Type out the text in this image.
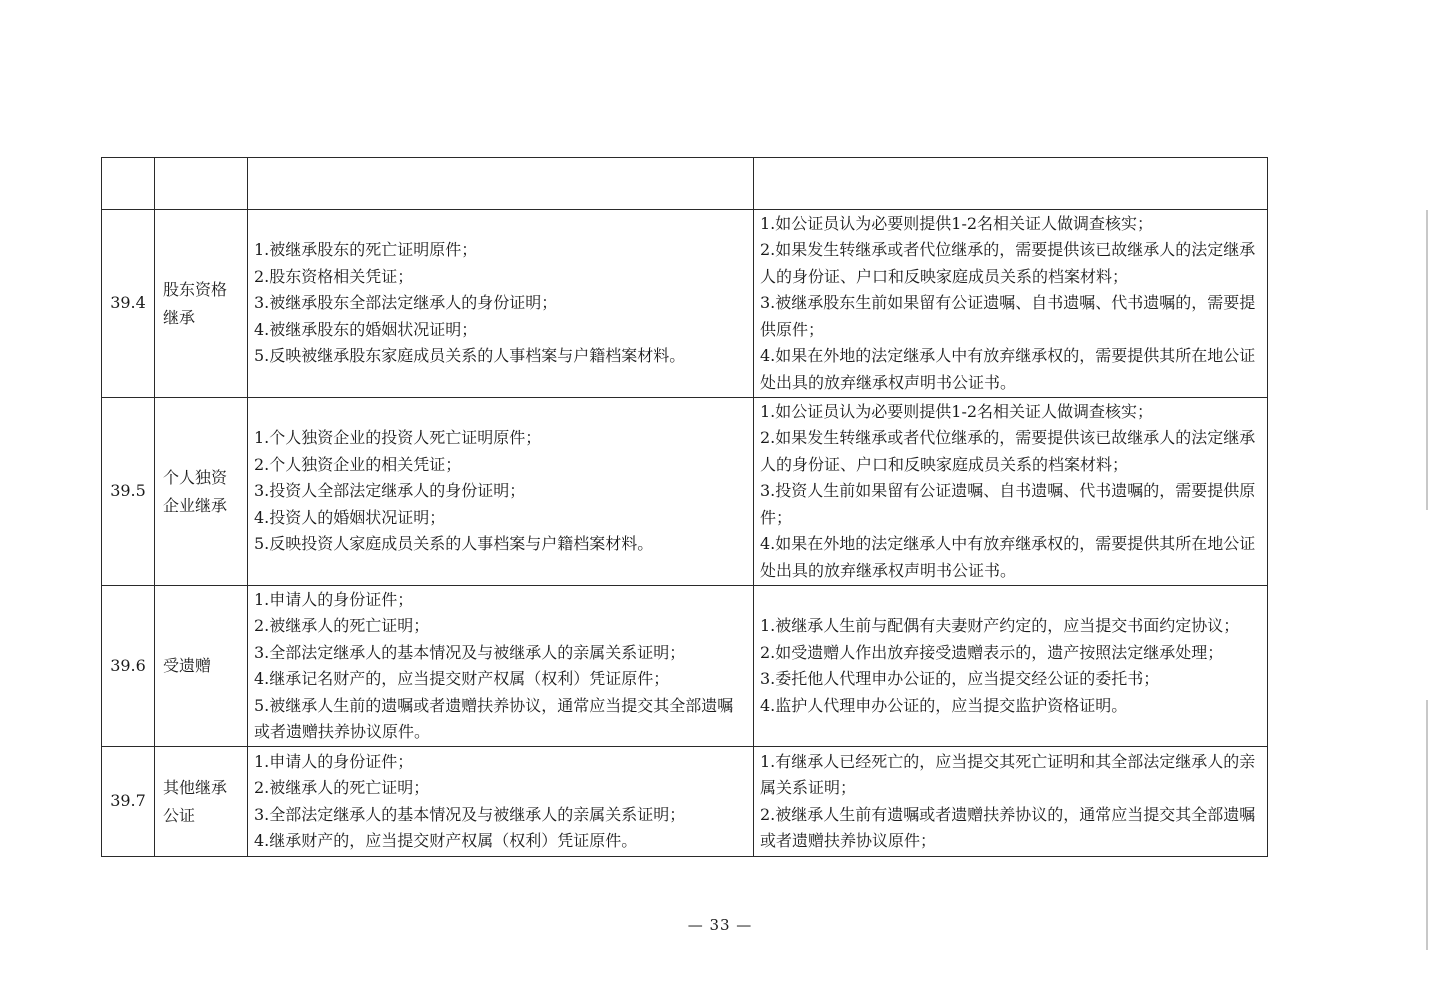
39.4	股东资格继承	1.被继承股东的死亡证明原件；
2.股东资格相关凭证；
3.被继承股东全部法定继承人的身份证明；
4.被继承股东的婚姻状况证明；
5.反映被继承股东家庭成员关系的人事档案与户籍档案材料。	1.如公证员认为必要则提供1-2名相关证人做调查核实；
2.如果发生转继承或者代位继承的，需要提供该已故继承人的法定继承人的身份证、户口和反映家庭成员关系的档案材料；
3.被继承股东生前如果留有公证遗嘱、自书遗嘱、代书遗嘱的，需要提供原件；
4.如果在外地的法定继承人中有放弃继承权的，需要提供其所在地公证处出具的放弃继承权声明书公证书。

39.5	个人独资企业继承	1.个人独资企业的投资人死亡证明原件；
2.个人独资企业的相关凭证；
3.投资人全部法定继承人的身份证明；
4.投资人的婚姻状况证明；
5.反映投资人家庭成员关系的人事档案与户籍档案材料。	1.如公证员认为必要则提供1-2名相关证人做调查核实；
2.如果发生转继承或者代位继承的，需要提供该已故继承人的法定继承人的身份证、户口和反映家庭成员关系的档案材料；
3.投资人生前如果留有公证遗嘱、自书遗嘱、代书遗嘱的，需要提供原件；
4.如果在外地的法定继承人中有放弃继承权的，需要提供其所在地公证处出具的放弃继承权声明书公证书。

39.6	受遗赠	1.申请人的身份证件；
2.被继承人的死亡证明；
3.全部法定继承人的基本情况及与被继承人的亲属关系证明；
4.继承记名财产的，应当提交财产权属（权利）凭证原件；
5.被继承人生前的遗嘱或者遗赠扶养协议，通常应当提交其全部遗嘱或者遗赠扶养协议原件。	1.被继承人生前与配偶有夫妻财产约定的，应当提交书面约定协议；
2.如受遗赠人作出放弃接受遗赠表示的，遗产按照法定继承处理；
3.委托他人代理申办公证的，应当提交经公证的委托书；
4.监护人代理申办公证的，应当提交监护资格证明。

39.7	其他继承公证	1.申请人的身份证件；
2.被继承人的死亡证明；
3.全部法定继承人的基本情况及与被继承人的亲属关系证明；
4.继承财产的，应当提交财产权属（权利）凭证原件。	1.有继承人已经死亡的，应当提交其死亡证明和其全部法定继承人的亲属关系证明；
2.被继承人生前有遗嘱或者遗赠扶养协议的，通常应当提交其全部遗嘱或者遗赠扶养协议原件；
— 33 —
